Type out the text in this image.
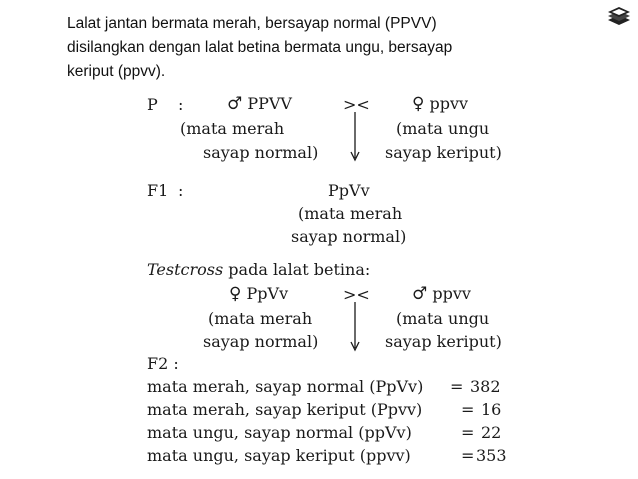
Lalat jantan bermata merah, bersayap normal (PPVV)
disilangkan dengan lalat betina bermata ungu, bersayap
keriput (ppvv).
P :	♂ PPVV	>< ♀ ppvv
(mata merah
sayap normal)
(mata ungu
sayap keriput)
F1 :	PpVv
(mata merah
sayap normal)
Testcross pada lalat betina:
♀ PpVv	>< ♂ ppvv
(mata merah
sayap normal)
(mata ungu
sayap keriput)
F2 :
mata merah, sayap normal (PpVv) = 382
mata merah, sayap keriput (Ppvv) = 16
mata ungu, sayap normal (ppVv)	= 22
mata ungu, sayap keriput (ppvv)	= 353
